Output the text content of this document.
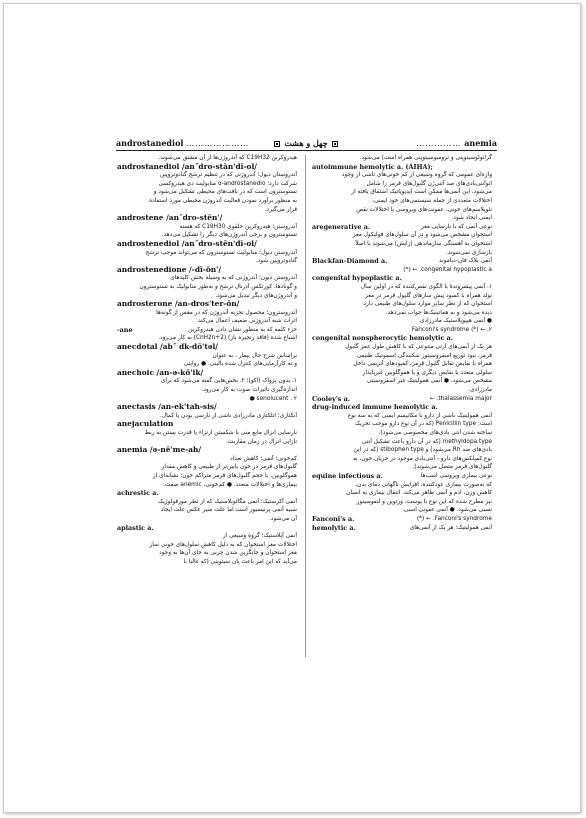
androstanediol …………………	چهل و هشت	…………… anemia
هیدروکربن C19H32 که آندروژن‌ها از آن مشتق می‌شوند.
androstanediol /an˝dro-stān'dī-ol/
آندروستان دیول؛ آندروژنی که در تنظیم ترشح گنادوتروپین
شرکت دارد؛ α-androstanedio متابولیت دی هیدروکسی
تستوسترون است که در بافت‌های محیطی تشکیل می‌شود و
به منظور برآورد نمودن فعالیت آندروژن محیطی مورد استفاده
قرار می‌گیرد.
androstene /an˝dro-stēn'/
آندروستن؛ هیدروکربن حلقوی C19H30 که هسته
تستوسترون و برخی آندروژن‌های دیگر را تشکیل می‌دهد.
androstenediol /an˝dro-stēn'dī-ol/
آندروستن دیول؛ متابولیت تستوسترون که می‌تواند موجب ترشح
گنادوتروپین شود.
androstenedione /-dī-ōn'/
آندروستن دیون؛ آندروژنی که به وسیله بخش کلیدهای
و گونادها، کورتکس آدرنال ترشح و به‌طور متابولیک به تستوسترون
و آندروژن‌های دیگر تبدیل می‌شود.
androsterone /an-dros'ter-ōn/
آندروسترون؛ محصول تجزیه آندروژن که در مغس از گونه‌ها
اثرات شبه آندروژنی ضعیف اعمال می‌کند.
-ane	جزء کلمه که به منظور نشان دادن هیدروکربن
اشباع شده (فاقد زنجیره باز) (CnH2n+2) به کار می‌رود.
anecdotal /ab˝ dk-dō'tǝl/
براساس شرح حال بیمار ، به عنوان
و نه کارآزمایی‌های کنترل شده بالینی. ● روایتی
anechoic /an-ǝ-kō'ik/
۱. بدون پژواک (اکو)؛ ۲. بخش‌هایی گفته می‌شود که برای
اندازه‌گیری تأثیرات صوت به کار می‌رود.
sonolucent . ۲ ●
anectasis /an-ek'tah-sis/
آنکتازی؛ اتلکتازی مادرزادی ناشی از نارسی بودن یا کمال.
anejaculation
نارسایی انزال مایع منی با شکستن ارتزاء یا قدرت بستن به ربط
نازایی انزال در زمان مقاربت.
anemia /ǝ-nē'me-ah/
کم‌خونی؛ آنمی؛ کاهش تعداد
گلبول‌های قرمز در خون پایین‌تر از طبیعی و کاهش مقدار
هموگلوبین، یا حجم گلبول‌های قرمز متراکم خون؛ نشانه‌ای از
بیماری‌ها و اختلالات متعدد. ● کم‌خونی، anemic صفت.
achrestic a.
آنمی آکرستیک؛ آنمی مگالوبلاستیک که از نظر مورفولوژیک
شبیه آنمی پرنیسیوز است اما علت سیر عکس علت ایجاد
آن می‌شود.
aplastic a.
آنمی آپلاستیک؛ گروه وسیعی از
اختلالات مغز استخوان که به دلیل کاهش سلول‌های خونی ساز
مغز استخوان و جایگزین شدن چربی به جای آن‌ها به وجود
می‌آید که این امر باعث پان سیتوپنی (که غالباً با
گرانولوسیتوپنی و ترومبوسیتوپنی همراه است) می‌شود.
autoimmune hemolytic a. (AIHA);
واژه‌ای عمومی که گروه وسیعی از کم خونی‌های ناشی از وجود
اتوآنتی‌بادی‌های ضد آنتی‌ژن گلبول‌های قرمز را شامل
می‌شود. این آنمی‌ها ممکن است ایدیوپاتیک اشتقاق یافته از
اختلالات متعددی از جمله سیستمی‌های خود ایمنی،
نئوپلاسم‌های خونی، عفونت‌های ویروسی یا اختلالات نقص
ایمنی ایجاد شود.
aregenerative a.	نوعی آنمی که با نارسایی مغز
استخوان مشخص می‌شود و در آن سلول‌های فولیکول مغز
استخوان به آهستگی سازماندهی (زایش) می‌شوند یا اصلاً
بازسازی نمی‌شوند.
Blackfan-Diamond a.	آنمی بلاک فان-دیاموند
congenital hypoplastic a. ← (*)
congenital hypoplastic a.
۱. آنمی پیشروندهٔ با الگوی نقص‌کننده که در اولین سال
تولد همراه با کمبود پیش سازهای گلبول قرمز در مغز
استخوان که از نظر سایر موارد سلول‌های طبیعی دارد
دیده می‌شود و به هماتینیک‌ها جواب نمی‌دهد.
● آنمی هیپوپلاستیک مادرزادی.
Fanconi's syndrome (*) ← .۲
congenital nonspherocytic hemolytic a.
هر یک از آنمی‌های ارثی متنوعی که با کاهش طول عمر گلبول
قرمز، نبود توزیع اسفروسیتوز شکنندگی اسموتیک طبیعی
همراه با نقایص تقابل گلبول قرمز، کمبودهای آنزیمی داخل
سلولی متعدد یا نقایص دیگری و یا هموگلوبین غیرپایدار
مشخص می‌شود. ● آنمی همولیتیک غیر اسفروسیتی
مادرزادی.
Cooley's a.	thalassemia major. ←
drug-induced immune hemolytic a.
آنمی همولیتیک ناشی از دارو با مکانیسم ایمنی که به سه نوع
است: Penicillin type (که در آن نوع دارو موجب تحریک
ساخته شدن آنتی بادی‌های مخصوصی می‌شود)،
methyldopa type (که در آن دارو باعث تشکیل آنتی
بادی‌های ضد Rh می‌شود) و stibophen type (که در این
نوع کمپلکس‌های دارو - آنتی‌بادی موجود در جریان خون، به
گلبول‌های قرمز متصل می‌شوند).
equine infectious a.	نوعی بیماری ویروسی اسب‌ها
که به‌صورت بیماری عودکننده، افزایش ناگهانی دمای بدن،
کاهش وزن، ادم و آنمی ظاهر می‌کند. انتقال بیماری به انسان
نیز مطرح شده که این نوع با پوست، ورتوپن و لنفوسیتوز
نسبی می‌شود. ● آنمی عفونی اسبی.
Fanconi's a.	Fanconi's syndrome. ← (*)
hemolytic a.	آنمی همولیتیک؛ هر یک از آنمی‌های
